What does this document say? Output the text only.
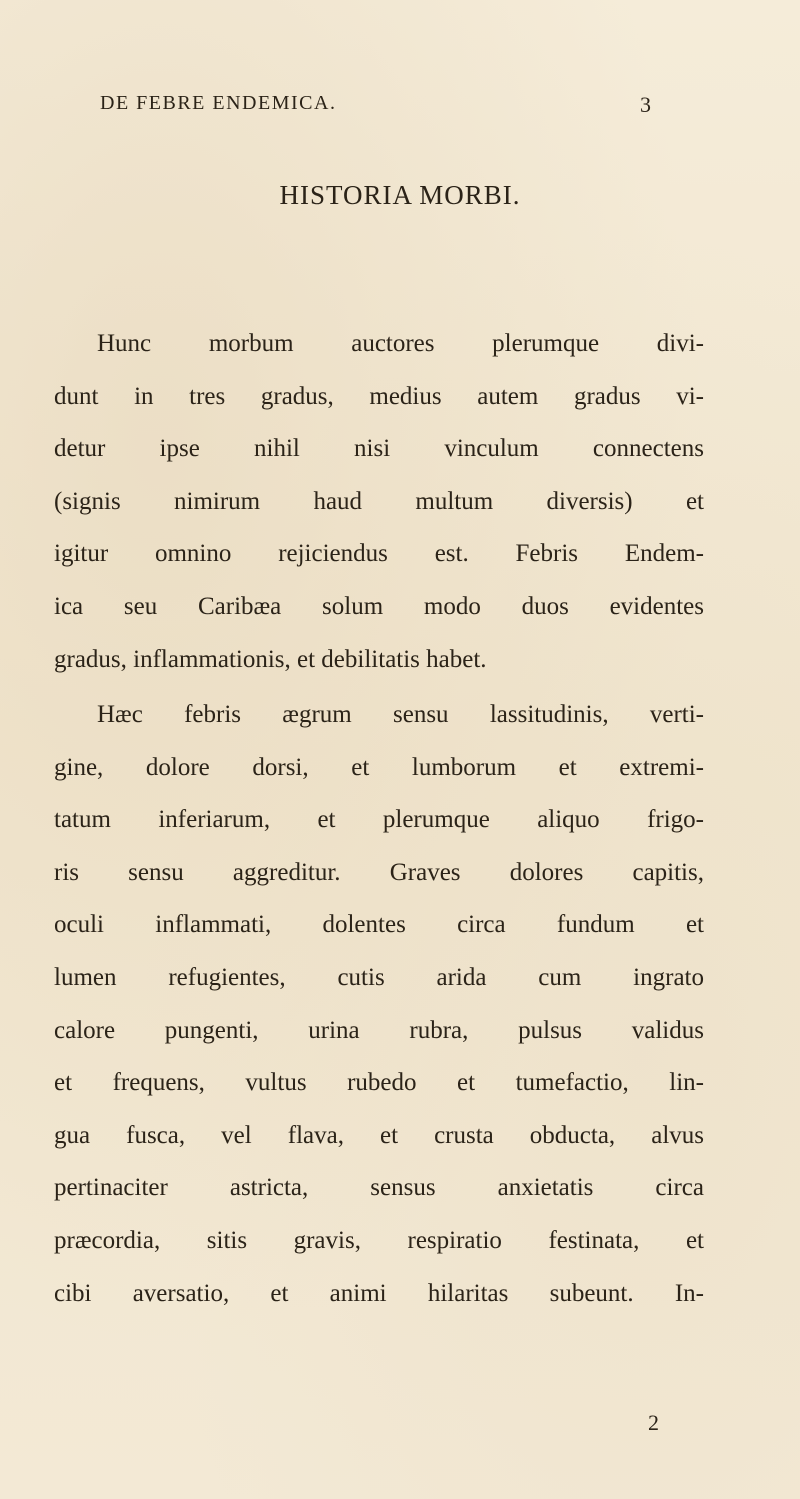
DE FEBRE ENDEMICA.	3
HISTORIA MORBI.
Hunc morbum auctores plerumque divi-
dunt in tres gradus, medius autem gradus vi-
detur ipse nihil nisi vinculum connectens
(signis nimirum haud multum diversis) et
igitur omnino rejiciendus est. Febris Endem-
ica seu Caribæa solum modo duos evidentes
gradus, inflammationis, et debilitatis habet.
Hæc febris ægrum sensu lassitudinis, verti-
gine, dolore dorsi, et lumborum et extremi-
tatum inferiarum, et plerumque aliquo frigo-
ris sensu aggreditur. Graves dolores capitis,
oculi inflammati, dolentes circa fundum et
lumen refugientes, cutis arida cum ingrato
calore pungenti, urina rubra, pulsus validus
et frequens, vultus rubedo et tumefactio, lin-
gua fusca, vel flava, et crusta obducta, alvus
pertinaciter astricta, sensus anxietatis circa
præcordia, sitis gravis, respiratio festinata, et
cibi aversatio, et animi hilaritas subeunt. In-
2
